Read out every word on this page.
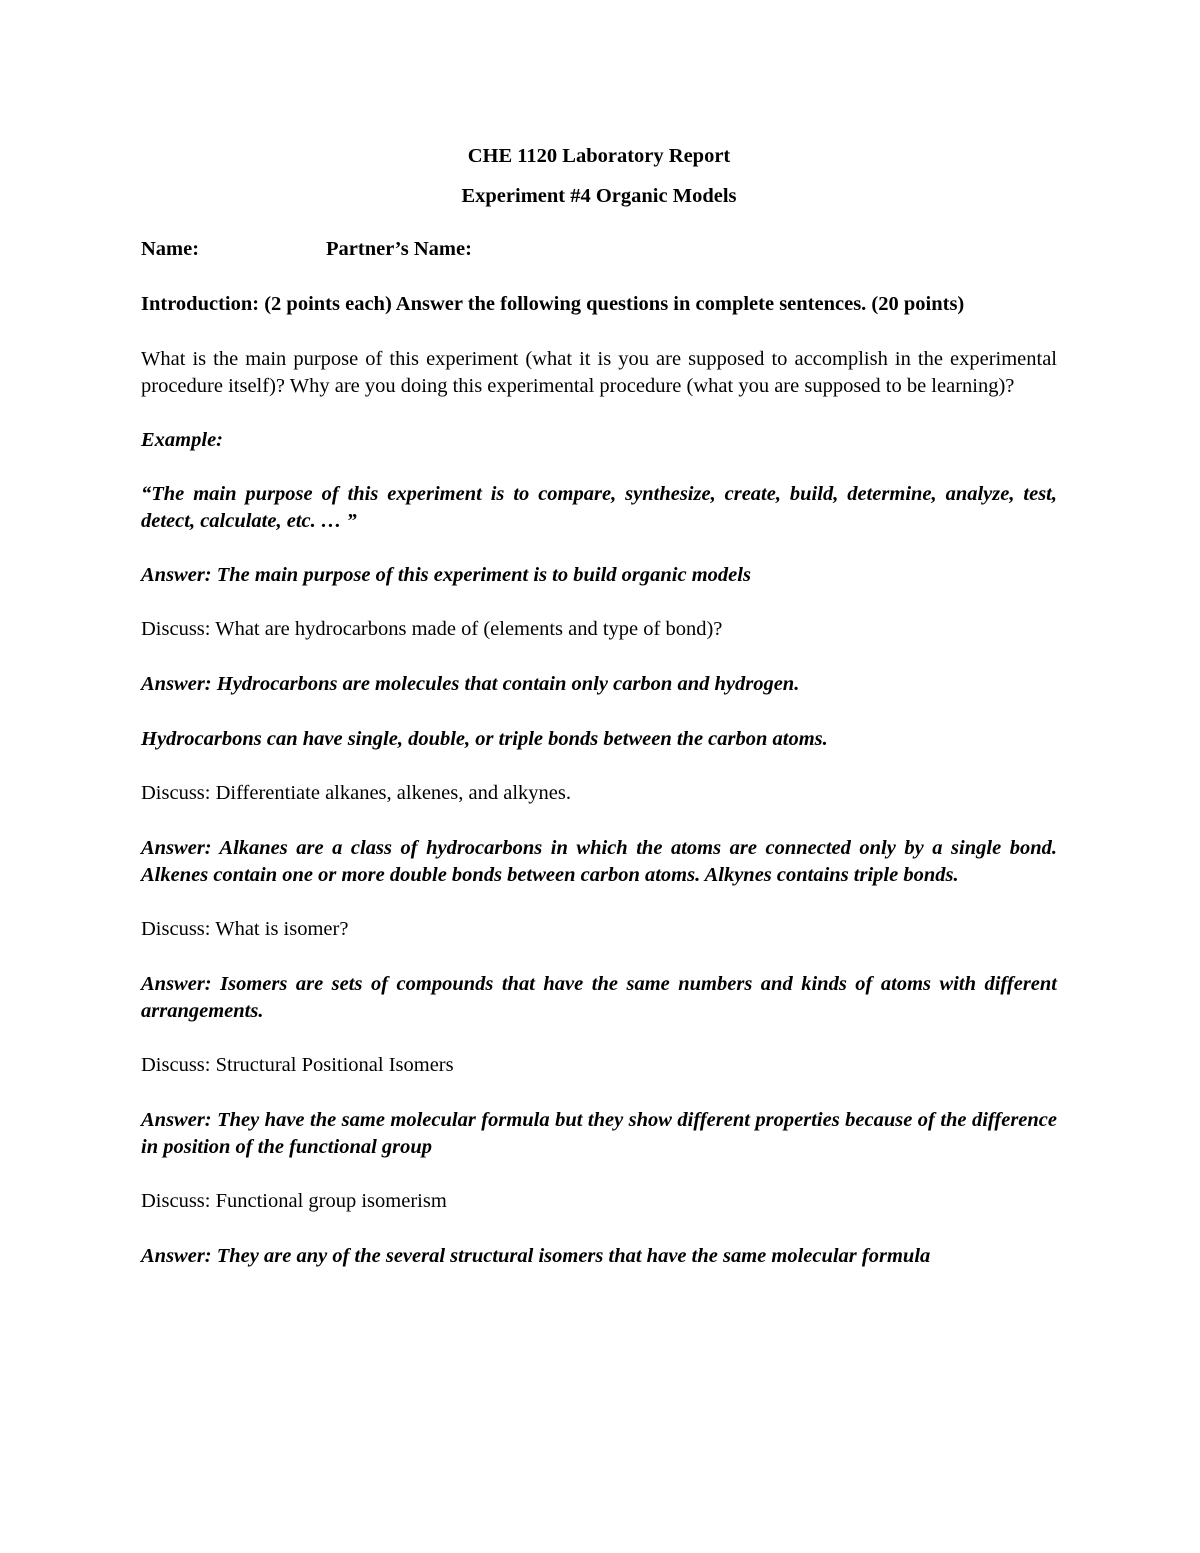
CHE 1120 Laboratory Report

Experiment #4 Organic Models

Name:	Partner’s Name:

Introduction: (2 points each) Answer the following questions in complete sentences. (20 points)

What is the main purpose of this experiment (what it is you are supposed to accomplish in the experimental procedure itself)? Why are you doing this experimental procedure (what you are supposed to be learning)?

Example:

“The main purpose of this experiment is to compare, synthesize, create, build, determine, analyze, test, detect, calculate, etc. … ”

Answer: The main purpose of this experiment is to build organic models

Discuss: What are hydrocarbons made of (elements and type of bond)?

Answer: Hydrocarbons are molecules that contain only carbon and hydrogen.

Hydrocarbons can have single, double, or triple bonds between the carbon atoms.

Discuss: Differentiate alkanes, alkenes, and alkynes.

Answer: Alkanes are a class of hydrocarbons in which the atoms are connected only by a single bond. Alkenes contain one or more double bonds between carbon atoms. Alkynes contains triple bonds.

Discuss: What is isomer?

Answer: Isomers are sets of compounds that have the same numbers and kinds of atoms with different arrangements.

Discuss: Structural Positional Isomers

Answer: They have the same molecular formula but they show different properties because of the difference in position of the functional group

Discuss: Functional group isomerism

Answer: They are any of the several structural isomers that have the same molecular formula
